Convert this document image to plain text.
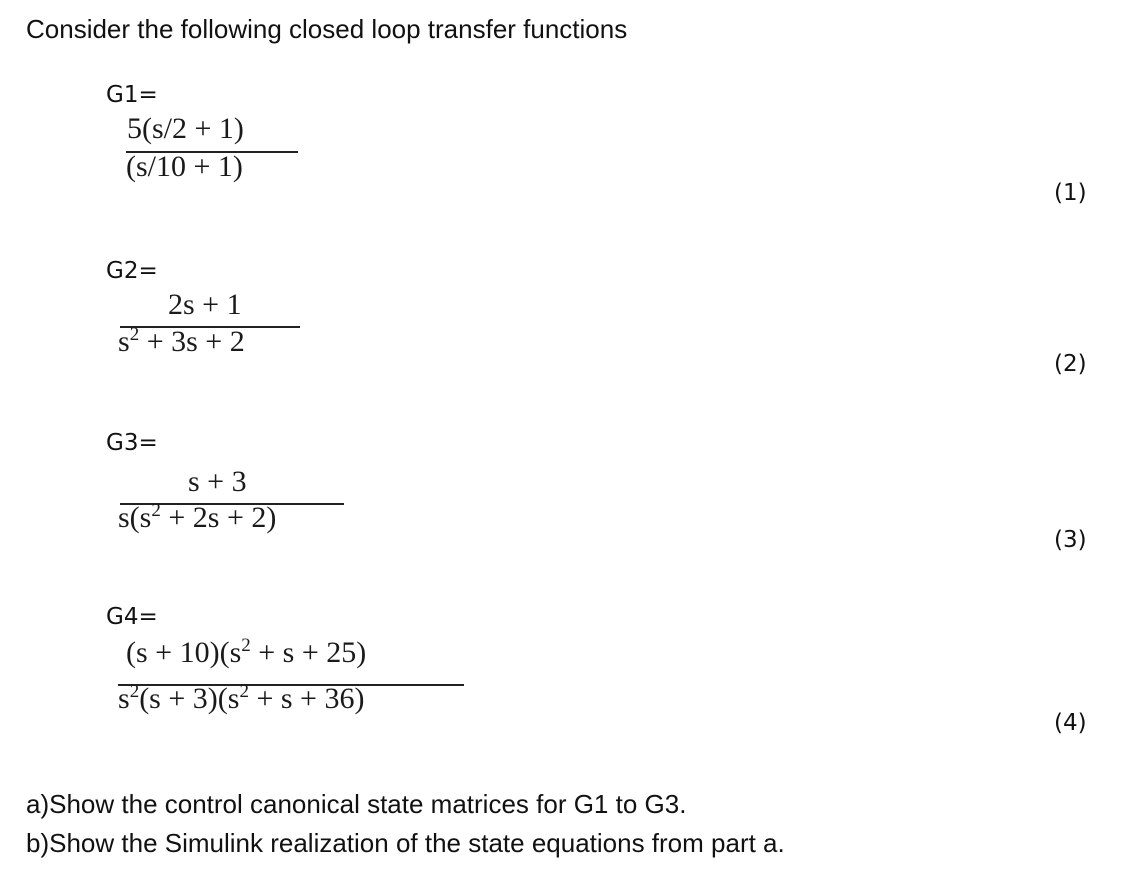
Consider the following closed loop transfer functions
G1=
5(s/2 + 1)
(s/10 + 1)
(1)
G2=
2s + 1
$s^2 + 3s + 2$
(2)
G3=
s + 3
$s(s^2 + 2s + 2)$
(3)
G4=
$(s + 10)(s^2 + s + 25)$
$s^2(s + 3)(s^2 + s + 36)$
(4)
a)Show the control canonical state matrices for G1 to G3.
b)Show the Simulink realization of the state equations from part a.
